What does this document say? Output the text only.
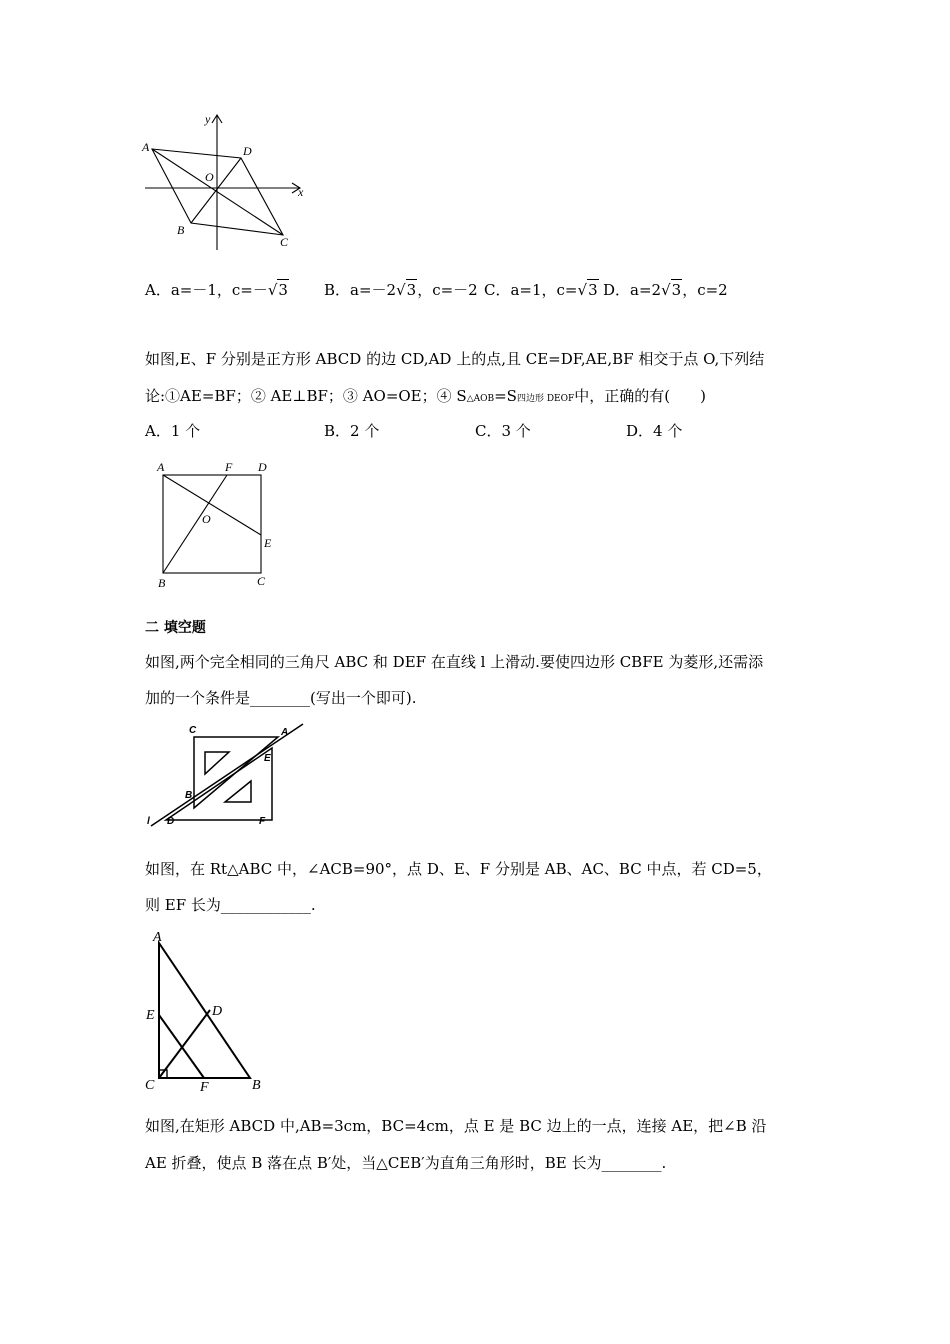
A	D
O
B
C
x
y
A．a=－1，c=－√3 B．a=－2√3，c=－2 C．a=1，c=√3 D．a=2√3，c=2
如图,E、F 分别是正方形 ABCD 的边 CD,AD 上的点,且 CE=DF,AE,BF 相交于点 O,下列结
论:①AE=BF；② AE⊥BF；③ AO=OE；④ S△AOB=S四边形 DEOF中，正确的有(　　)
A．1 个	B．2 个	C．3 个	D．4 个
A	F D
O
E
B	C
二 填空题
如图,两个完全相同的三角尺 ABC 和 DEF 在直线 l 上滑动.要使四边形 CBFE 为菱形,还需添
加的一个条件是________(写出一个即可).
C	A
E
B
l D	F
如图，在 Rt△ABC 中，∠ACB=90°，点 D、E、F 分别是 AB、AC、BC 中点，若 CD=5，
则 EF 长为____________.
A
E	D
C	F	B
如图,在矩形 ABCD 中,AB=3cm，BC=4cm，点 E 是 BC 边上的一点，连接 AE，把∠B 沿
AE 折叠，使点 B 落在点 B′处，当△CEB′为直角三角形时，BE 长为________.
